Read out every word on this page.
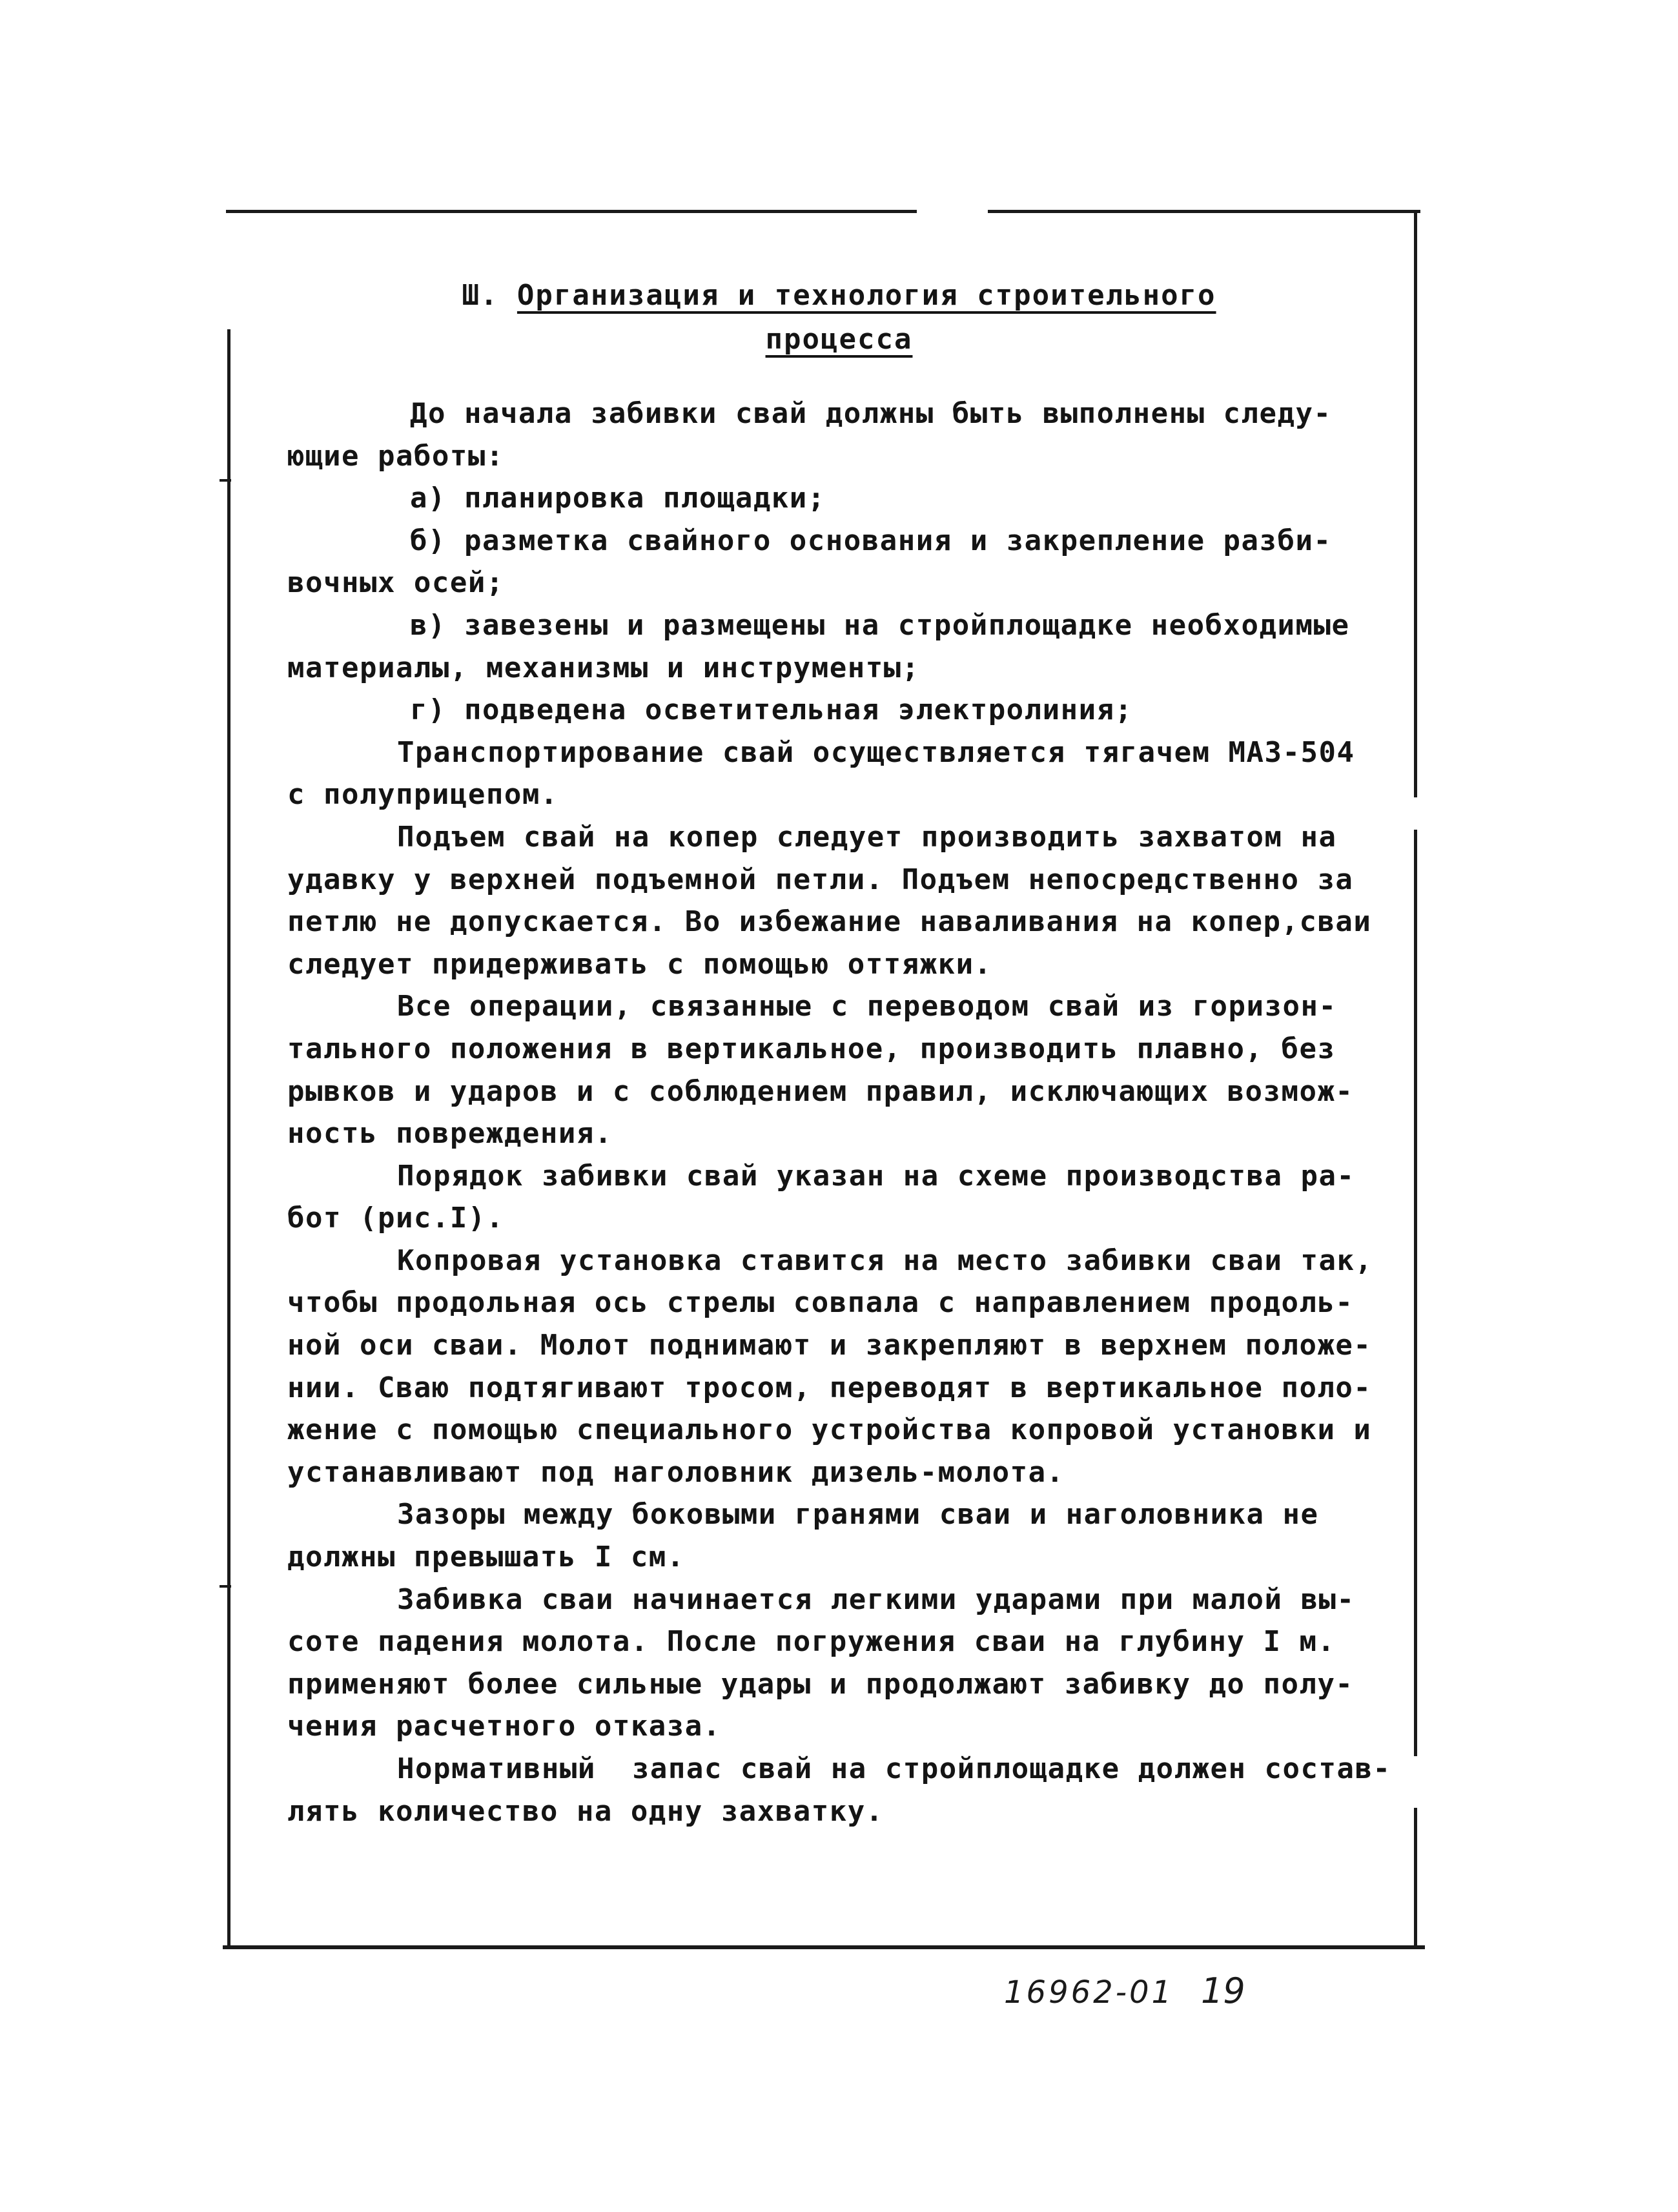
Ш. Организация и технология строительного
процесса
До начала забивки свай должны быть выполнены следу-
ющие работы:
а) планировка площадки;
б) разметка свайного основания и закрепление разби-
вочных осей;
в) завезены и размещены на стройплощадке необходимые
материалы, механизмы и инструменты;
г) подведена осветительная электролиния;
Транспортирование свай осуществляется тягачем МАЗ-504
с полуприцепом.
Подъем свай на копер следует производить захватом на
удавку у верхней подъемной петли. Подъем непосредственно за
петлю не допускается. Во избежание наваливания на копер,сваи
следует придерживать с помощью оттяжки.
Все операции, связанные с переводом свай из горизон-
тального положения в вертикальное, производить плавно, без
рывков и ударов и с соблюдением правил, исключающих возмож-
ность повреждения.
Порядок забивки свай указан на схеме производства ра-
бот (рис.I).
Копровая установка ставится на место забивки сваи так,
чтобы продольная ось стрелы совпала с направлением продоль-
ной оси сваи. Молот поднимают и закрепляют в верхнем положе-
нии. Сваю подтягивают тросом, переводят в вертикальное поло-
жение с помощью специального устройства копровой установки и
устанавливают под наголовник дизель-молота.
Зазоры между боковыми гранями сваи и наголовника не
должны превышать I см.
Забивка сваи начинается легкими ударами при малой вы-
соте падения молота. После погружения сваи на глубину I м.
применяют более сильные удары и продолжают забивку до полу-
чения расчетного отказа.
Нормативный  запас свай на стройплощадке должен состав-
лять количество на одну захватку.
16962-01 19
